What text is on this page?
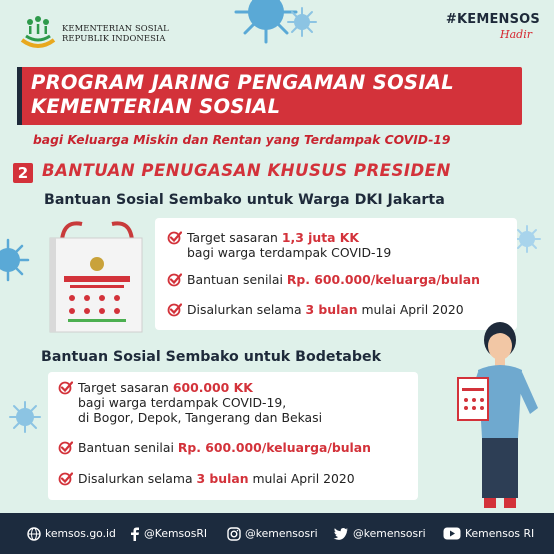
KEMENTERIAN SOSIAL
REPUBLIK INDONESIA
#KEMENSOS
Hadir
PROGRAM JARING PENGAMAN SOSIAL
KEMENTERIAN SOSIAL
bagi Keluarga Miskin dan Rentan yang Terdampak COVID-19
2 BANTUAN PENUGASAN KHUSUS PRESIDEN
Bantuan Sosial Sembako untuk Warga DKI Jakarta
Target sasaran 1,3 juta KK
bagi warga terdampak COVID-19
Bantuan senilai Rp. 600.000/keluarga/bulan
Disalurkan selama 3 bulan mulai April 2020
Bantuan Sosial Sembako untuk Bodetabek
Target sasaran 600.000 KK
bagi warga terdampak COVID-19,
di Bogor, Depok, Tangerang dan Bekasi
Bantuan senilai Rp. 600.000/keluarga/bulan
Disalurkan selama 3 bulan mulai April 2020
kemsos.go.id	@KemsosRI	@kemensosri	@kemensosri	Kemensos RI
